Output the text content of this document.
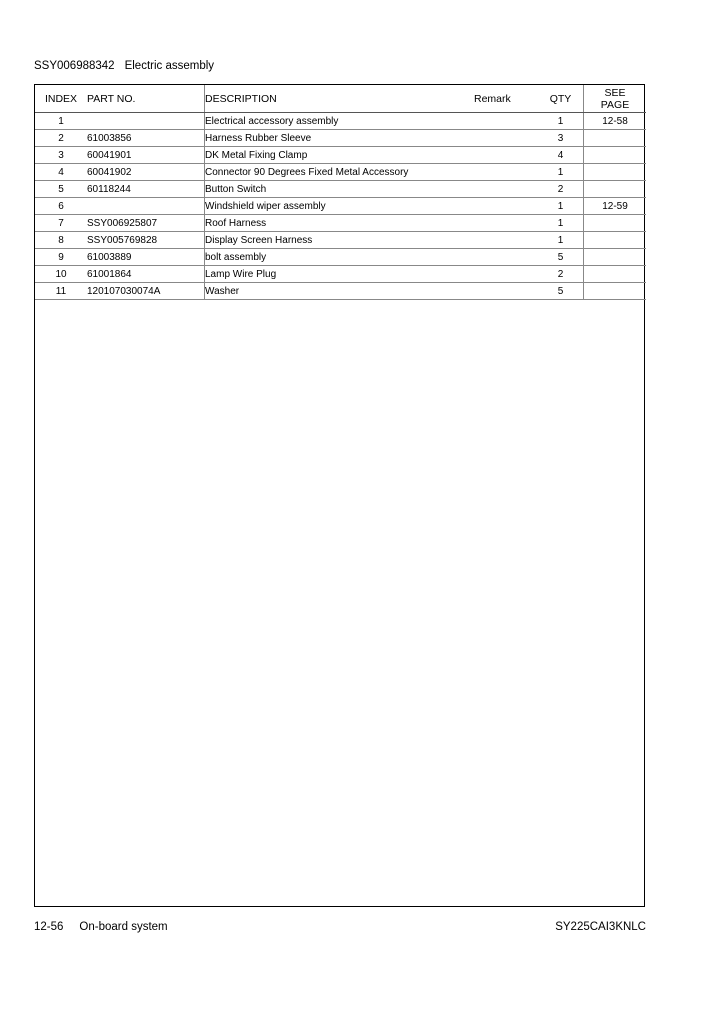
SSY006988342 Electric assembly
INDEX	PART NO.	DESCRIPTION	Remark	QTY	SEE
PAGE
1		Electrical accessory assembly		1	12-58
2	61003856	Harness Rubber Sleeve		3	
3	60041901	DK Metal Fixing Clamp		4	
4	60041902	Connector 90 Degrees Fixed Metal Accessory		1	
5	60118244	Button Switch		2	
6		Windshield wiper assembly		1	12-59
7	SSY006925807	Roof Harness		1	
8	SSY005769828	Display Screen Harness		1	
9	61003889	bolt assembly		5	
10	61001864	Lamp Wire Plug		2	
11	120107030074A	Washer		5	
12-56 On-board system	SY225CAI3KNLC
